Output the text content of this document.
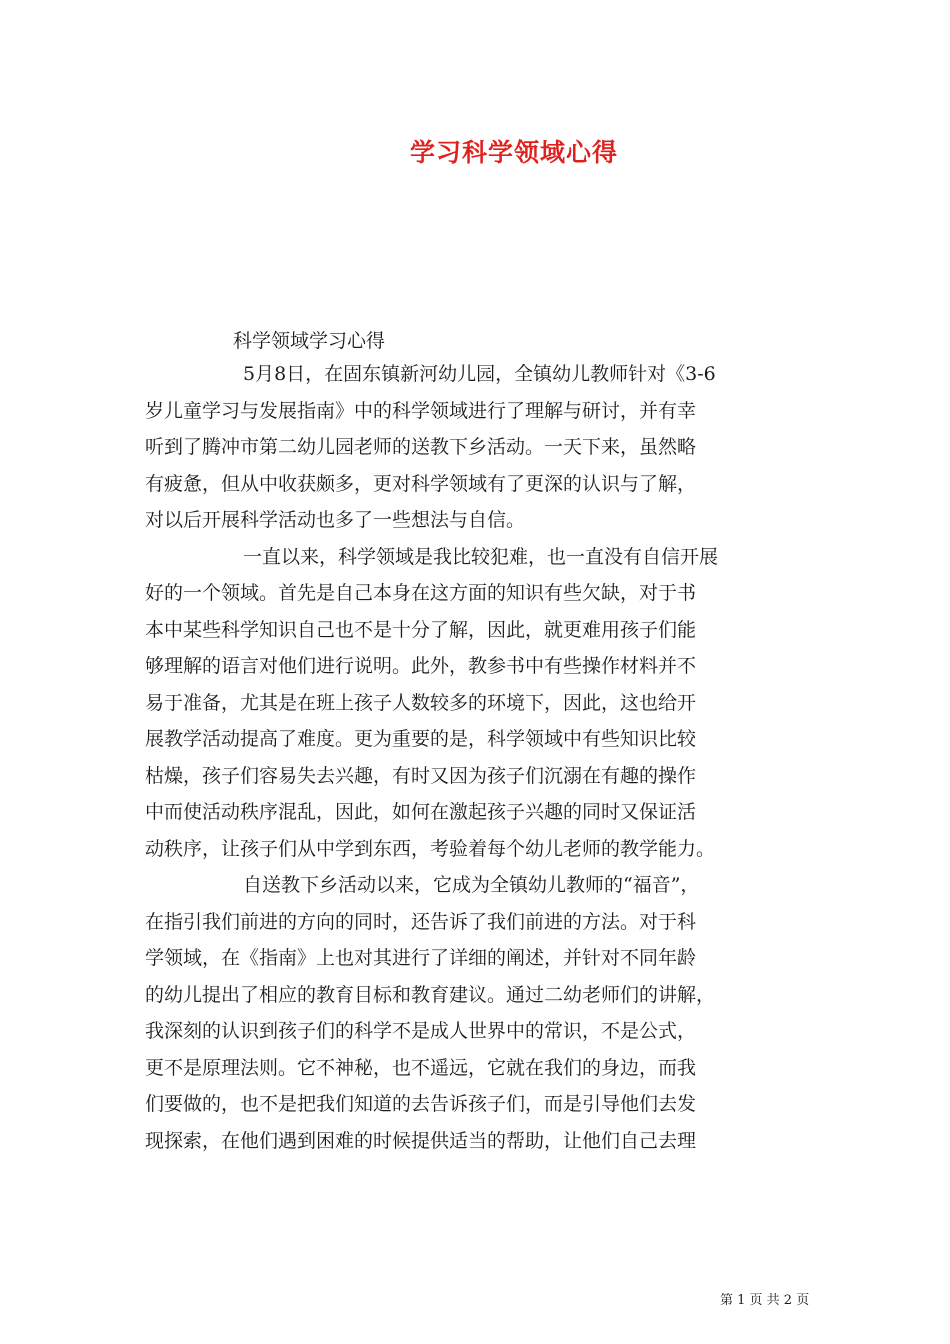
学习科学领域心得
科学领域学习心得
5月8日，在固东镇新河幼儿园，全镇幼儿教师针对《3-6
岁儿童学习与发展指南》中的科学领域进行了理解与研讨，并有幸
听到了腾冲市第二幼儿园老师的送教下乡活动。一天下来，虽然略
有疲惫，但从中收获颇多，更对科学领域有了更深的认识与了解，
对以后开展科学活动也多了一些想法与自信。
一直以来，科学领域是我比较犯难，也一直没有自信开展
好的一个领域。首先是自己本身在这方面的知识有些欠缺，对于书
本中某些科学知识自己也不是十分了解，因此，就更难用孩子们能
够理解的语言对他们进行说明。此外，教参书中有些操作材料并不
易于准备，尤其是在班上孩子人数较多的环境下，因此，这也给开
展教学活动提高了难度。更为重要的是，科学领域中有些知识比较
枯燥，孩子们容易失去兴趣，有时又因为孩子们沉溺在有趣的操作
中而使活动秩序混乱，因此，如何在激起孩子兴趣的同时又保证活
动秩序，让孩子们从中学到东西，考验着每个幼儿老师的教学能力。
自送教下乡活动以来，它成为全镇幼儿教师的“福音”，
在指引我们前进的方向的同时，还告诉了我们前进的方法。对于科
学领域，在《指南》上也对其进行了详细的阐述，并针对不同年龄
的幼儿提出了相应的教育目标和教育建议。通过二幼老师们的讲解，
我深刻的认识到孩子们的科学不是成人世界中的常识，不是公式，
更不是原理法则。它不神秘，也不遥远，它就在我们的身边，而我
们要做的，也不是把我们知道的去告诉孩子们，而是引导他们去发
现探索，在他们遇到困难的时候提供适当的帮助，让他们自己去理
第 1 页 共 2 页
